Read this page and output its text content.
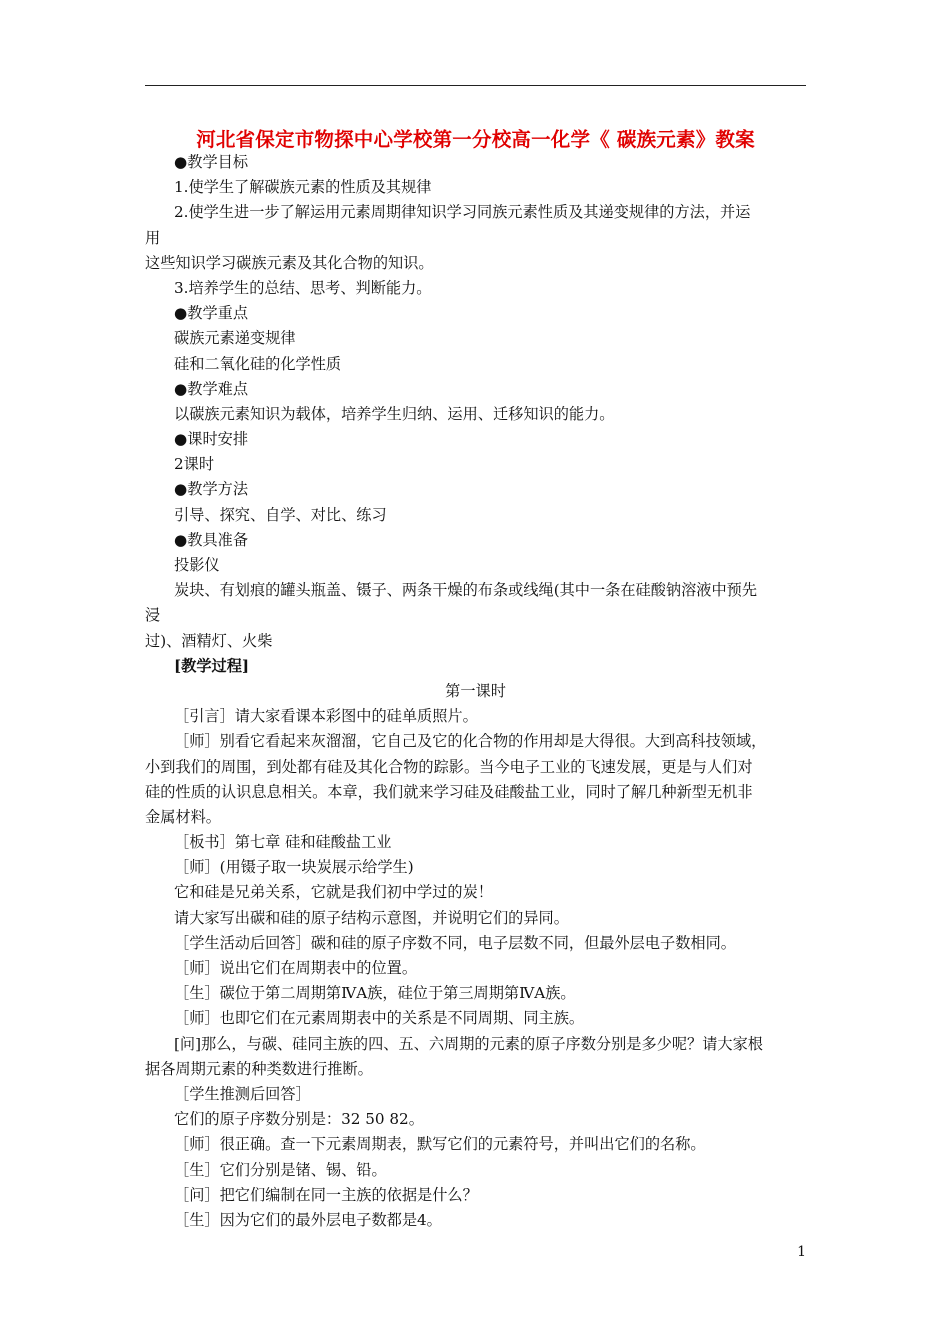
河北省保定市物探中心学校第一分校高一化学《 碳族元素》教案
●教学目标
1.使学生了解碳族元素的性质及其规律
2.使学生进一步了解运用元素周期律知识学习同族元素性质及其递变规律的方法，并运
用
这些知识学习碳族元素及其化合物的知识。
3.培养学生的总结、思考、判断能力。
●教学重点
碳族元素递变规律
硅和二氧化硅的化学性质
●教学难点
以碳族元素知识为载体，培养学生归纳、运用、迁移知识的能力。
●课时安排
2课时
●教学方法
引导、探究、自学、对比、练习
●教具准备
投影仪
炭块、有划痕的罐头瓶盖、镊子、两条干燥的布条或线绳(其中一条在硅酸钠溶液中预先
浸
过)、酒精灯、火柴
[教学过程]
第一课时
［引言］请大家看课本彩图中的硅单质照片。
［师］别看它看起来灰溜溜，它自己及它的化合物的作用却是大得很。大到高科技领域，
小到我们的周围，到处都有硅及其化合物的踪影。当今电子工业的飞速发展，更是与人们对
硅的性质的认识息息相关。本章，我们就来学习硅及硅酸盐工业，同时了解几种新型无机非
金属材料。
［板书］第七章 硅和硅酸盐工业
［师］(用镊子取一块炭展示给学生)
它和硅是兄弟关系，它就是我们初中学过的炭！
请大家写出碳和硅的原子结构示意图，并说明它们的异同。
［学生活动后回答］碳和硅的原子序数不同，电子层数不同，但最外层电子数相同。
［师］说出它们在周期表中的位置。
［生］碳位于第二周期第ⅣA族，硅位于第三周期第ⅣA族。
［师］也即它们在元素周期表中的关系是不同周期、同主族。
[问]那么，与碳、硅同主族的四、五、六周期的元素的原子序数分别是多少呢？请大家根
据各周期元素的种类数进行推断。
［学生推测后回答］
它们的原子序数分别是：32 50 82。
［师］很正确。查一下元素周期表，默写它们的元素符号，并叫出它们的名称。
［生］它们分别是锗、锡、铅。
［问］把它们编制在同一主族的依据是什么？
［生］因为它们的最外层电子数都是4。
1
